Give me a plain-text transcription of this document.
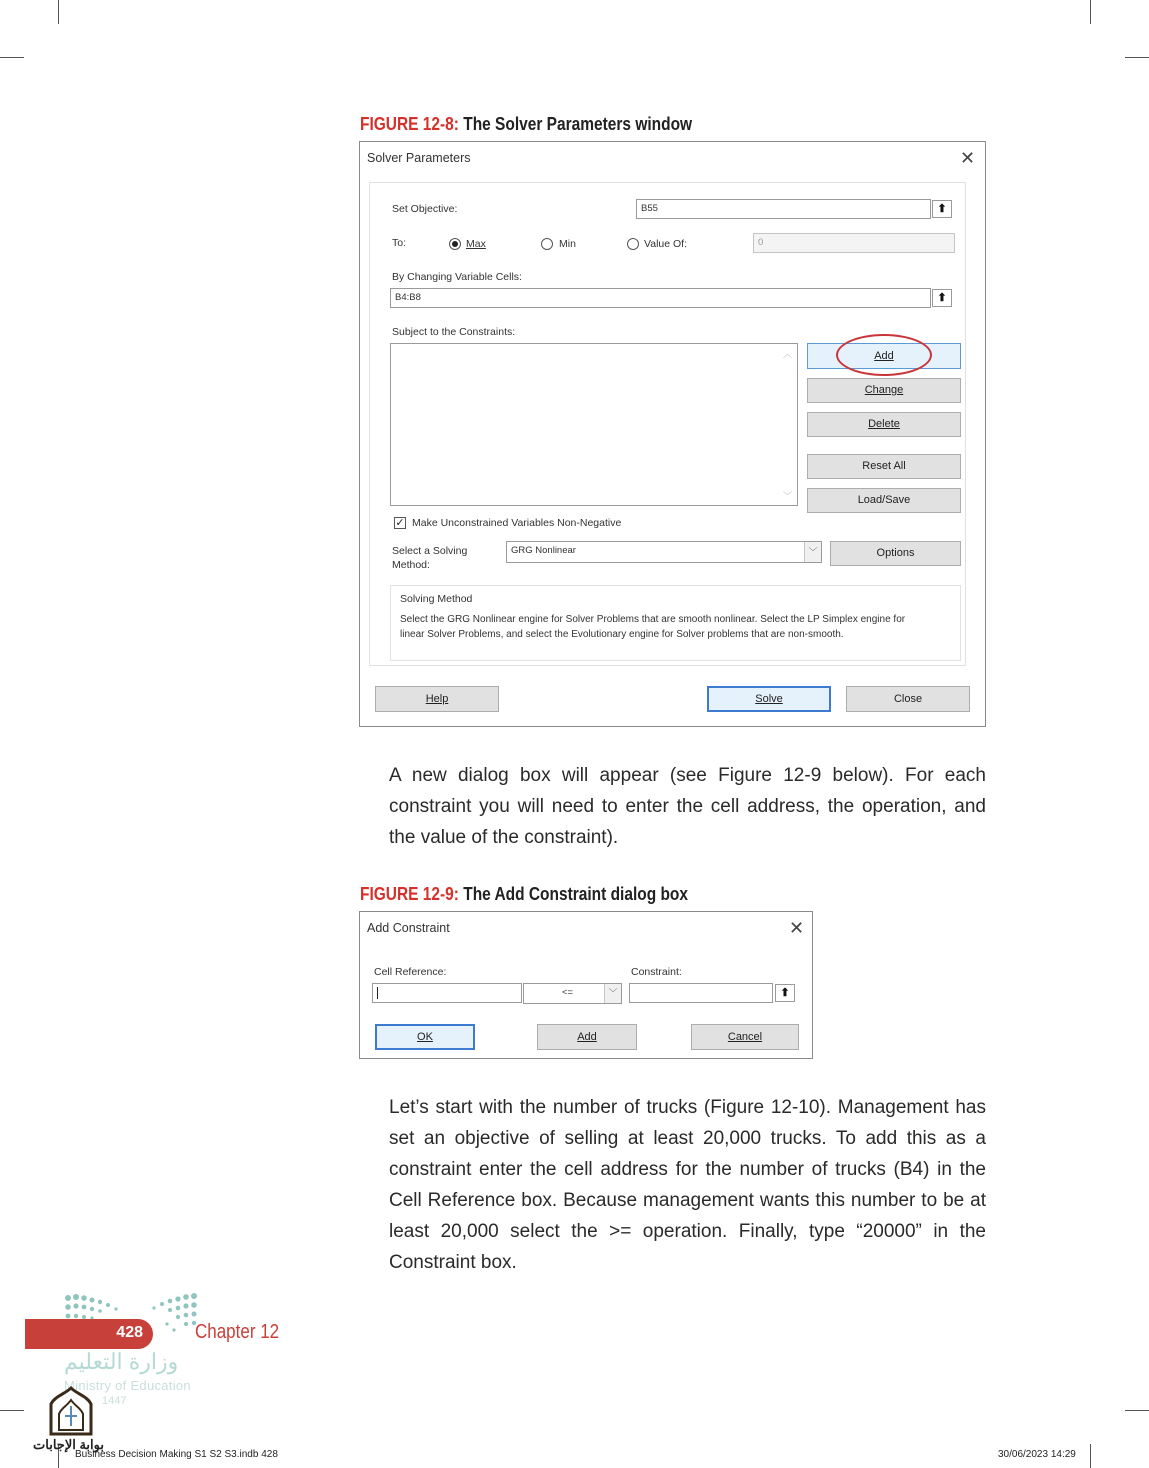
FIGURE 12-8: The Solver Parameters window
Solver Parameters	✕
Set Objective:	B55	⬆
To:	Max	Min	Value Of:	0
By Changing Variable Cells:
B4:B8	⬆
Subject to the Constraints:
︿
﹀
Add
Change
Delete
Reset All
Load/Save
✓ Make Unconstrained Variables Non-Negative
Select a Solving
Method:
GRG Nonlinear	﹀	Options
Solving Method
Select the GRG Nonlinear engine for Solver Problems that are smooth nonlinear. Select the LP Simplex engine for linear Solver Problems, and select the Evolutionary engine for Solver problems that are non-smooth.
Help	Solve	Close
A new dialog box will appear (see Figure 12-9 below). For each constraint you will need to enter the cell address, the operation, and the value of the constraint).
FIGURE 12-9: The Add Constraint dialog box
Add Constraint	✕
Cell Reference:
<=	﹀
Constraint:
⬆
OK	Add	Cancel
Let’s start with the number of trucks (Figure 12-10). Management has set an objective of selling at least 20,000 trucks. To add this as a constraint enter the cell address for the number of trucks (B4) in the Cell Reference box. Because management wants this number to be at least 20,000 select the >= operation. Finally, type “20000” in the Constraint box.
428	Chapter 12
وزارة التعليم
Ministry of Education
1447
بوابة الإجابات
Business Decision Making S1 S2 S3.indb 428	30/06/2023 14:29
